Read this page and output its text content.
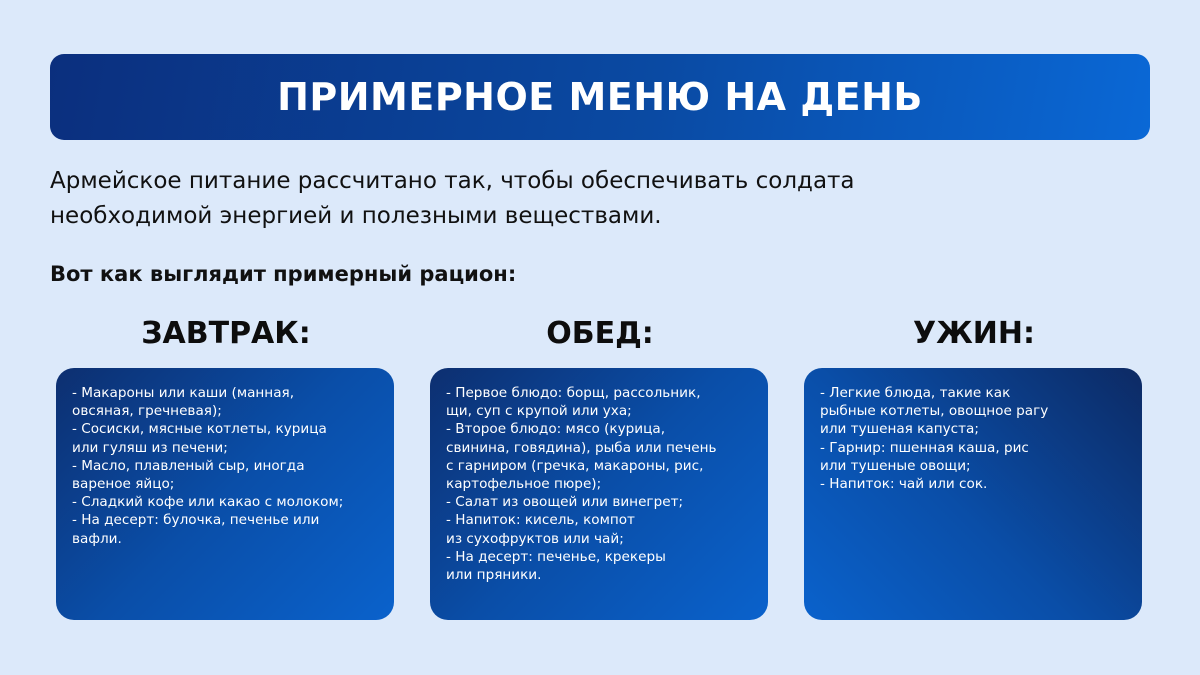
ПРИМЕРНОЕ МЕНЮ НА ДЕНЬ
Армейское питание рассчитано так, чтобы обеспечивать солдата
необходимой энергией и полезными веществами.
Вот как выглядит примерный рацион:
ЗАВТРАК:
- Макароны или каши (манная,
овсяная, гречневая);
- Сосиски, мясные котлеты, курица
или гуляш из печени;
- Масло, плавленый сыр, иногда
вареное яйцо;
- Сладкий кофе или какао с молоком;
- На десерт: булочка, печенье или
вафли.
ОБЕД:
- Первое блюдо: борщ, рассольник,
щи, суп с крупой или уха;
- Второе блюдо: мясо (курица,
свинина, говядина), рыба или печень
с гарниром (гречка, макароны, рис,
картофельное пюре);
- Салат из овощей или винегрет;
- Напиток: кисель, компот
из сухофруктов или чай;
- На десерт: печенье, крекеры
или пряники.
УЖИН:
- Легкие блюда, такие как
рыбные котлеты, овощное рагу
или тушеная капуста;
- Гарнир: пшенная каша, рис
или тушеные овощи;
- Напиток: чай или сок.
